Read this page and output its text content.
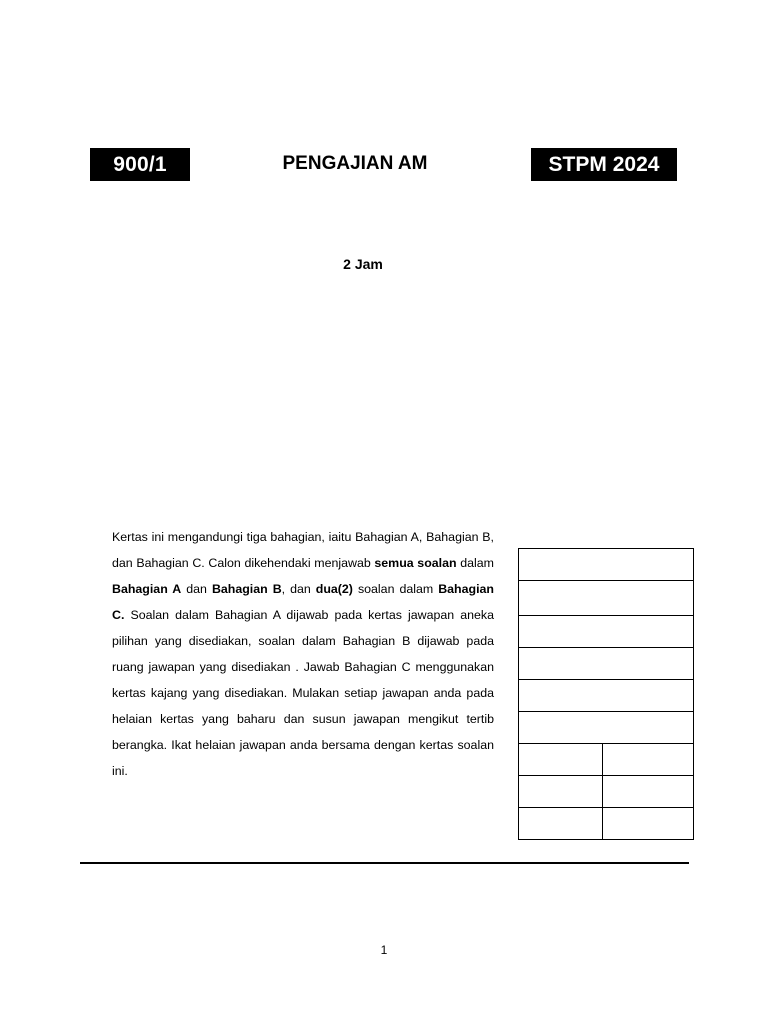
900/1	PENGAJIAN AM	STPM 2024
2 Jam

Kertas ini mengandungi tiga bahagian, iaitu Bahagian A, Bahagian B, dan Bahagian C. Calon dikehendaki menjawab semua soalan dalam Bahagian A dan Bahagian B, dan dua(2) soalan dalam Bahagian C. Soalan dalam Bahagian A dijawab pada kertas jawapan aneka pilihan yang disediakan, soalan dalam Bahagian B dijawab pada ruang jawapan yang disediakan . Jawab Bahagian C menggunakan kertas kajang yang disediakan. Mulakan setiap jawapan anda pada helaian kertas yang baharu dan susun jawapan mengikut tertib berangka. Ikat helaian jawapan anda bersama dengan kertas soalan ini.

1
